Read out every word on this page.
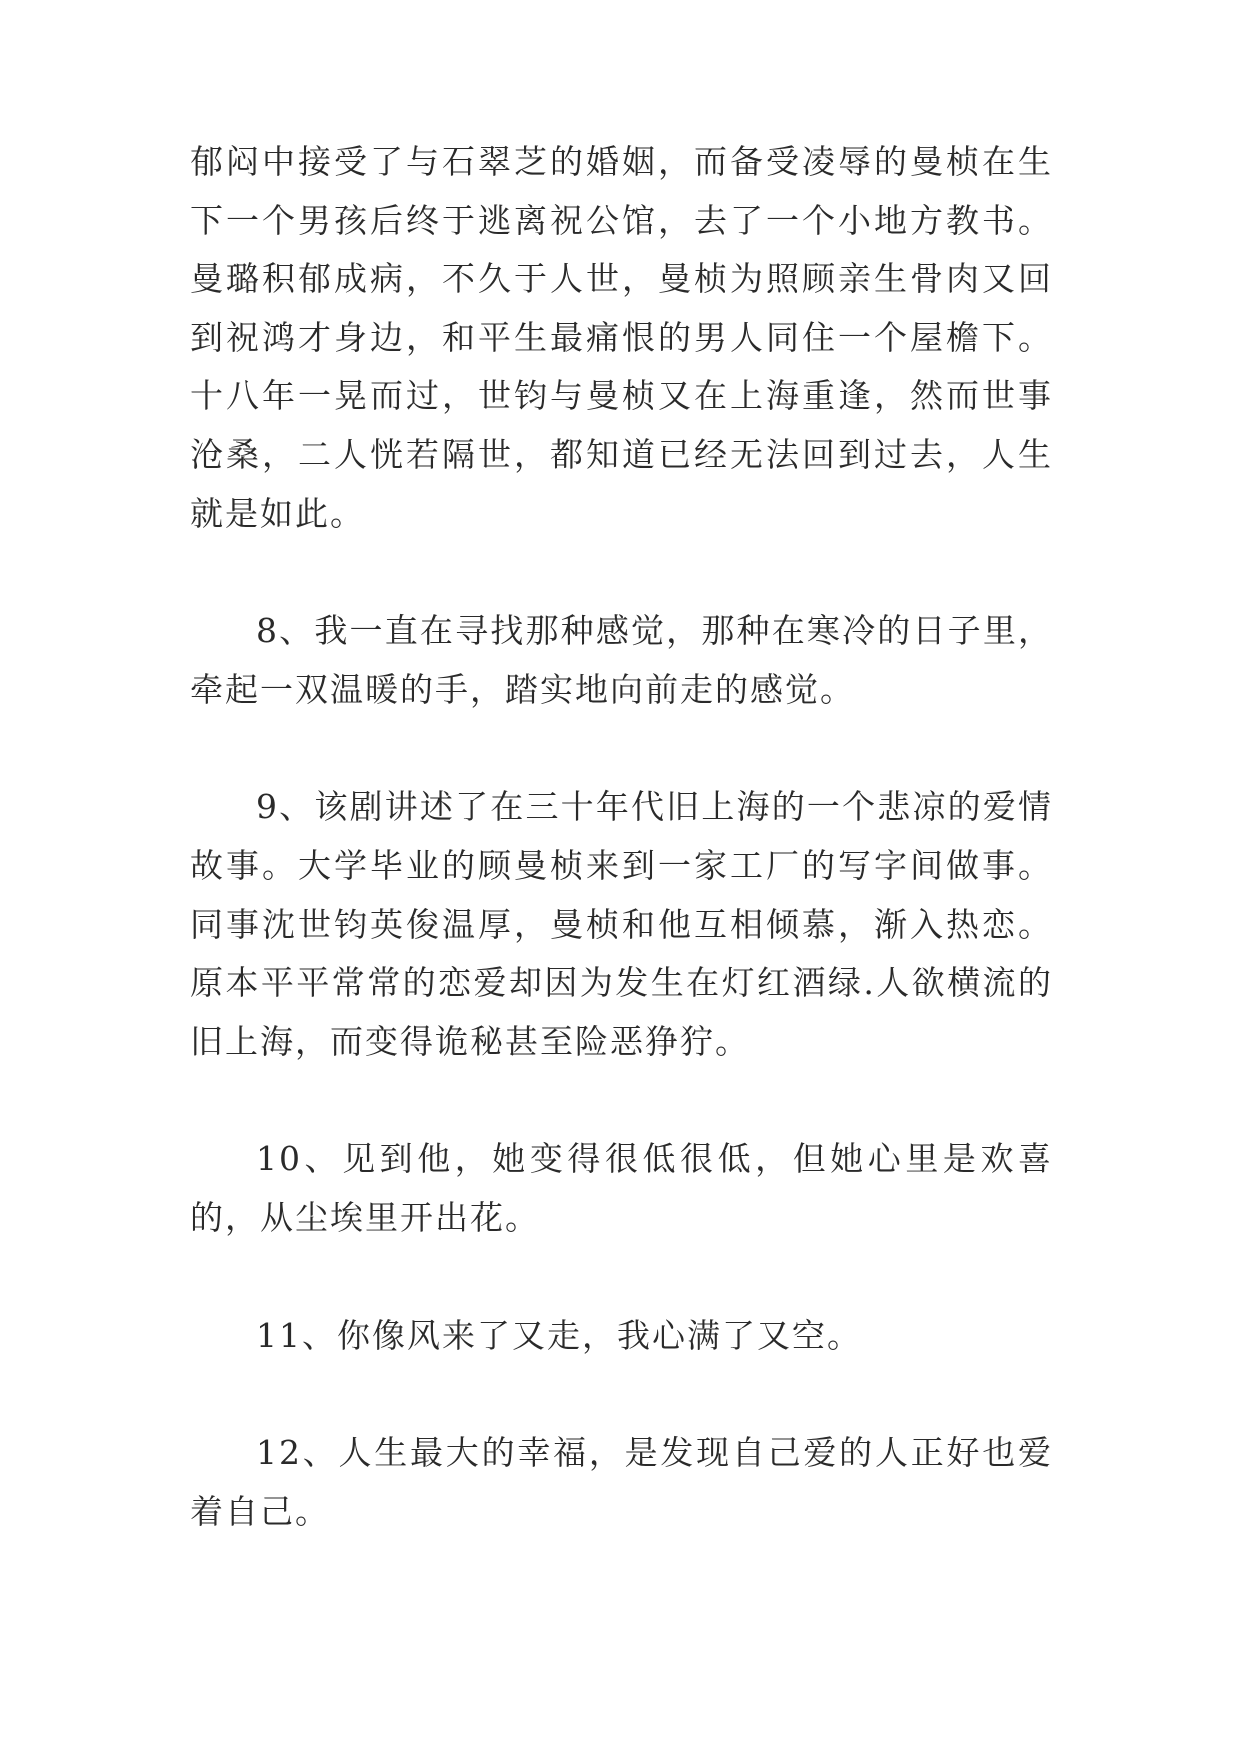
郁闷中接受了与石翠芝的婚姻，而备受凌辱的曼桢在生下一个男孩后终于逃离祝公馆，去了一个小地方教书。曼璐积郁成病，不久于人世，曼桢为照顾亲生骨肉又回到祝鸿才身边，和平生最痛恨的男人同住一个屋檐下。十八年一晃而过，世钧与曼桢又在上海重逢，然而世事沧桑，二人恍若隔世，都知道已经无法回到过去，人生就是如此。

8、我一直在寻找那种感觉，那种在寒冷的日子里，牵起一双温暖的手，踏实地向前走的感觉。

9、该剧讲述了在三十年代旧上海的一个悲凉的爱情故事。大学毕业的顾曼桢来到一家工厂的写字间做事。同事沈世钧英俊温厚，曼桢和他互相倾慕，渐入热恋。原本平平常常的恋爱却因为发生在灯红酒绿.人欲横流的旧上海，而变得诡秘甚至险恶狰狞。

10、见到他，她变得很低很低，但她心里是欢喜的，从尘埃里开出花。

11、你像风来了又走，我心满了又空。

12、人生最大的幸福，是发现自己爱的人正好也爱着自己。
